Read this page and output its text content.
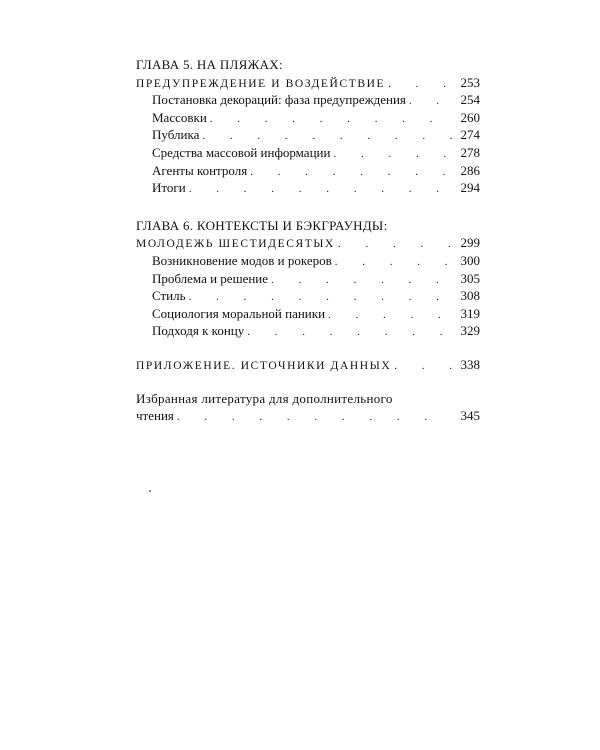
ГЛАВА 5. НА ПЛЯЖАХ:
ПРЕДУПРЕЖДЕНИЕ И ВОЗДЕЙСТВИЕ . . .	253
Постановка декораций: фаза предупреждения . . .	254
Массовки . . .	260
Публика . . .	274
Средства массовой информации . . .	278
Агенты контроля . . .	286
Итоги . . .	294
ГЛАВА 6. КОНТЕКСТЫ И БЭКГРАУНДЫ:
МОЛОДЕЖЬ ШЕСТИДЕСЯТЫХ . . .	299
Возникновение модов и рокеров . . .	300
Проблема и решение . . .	305
Стиль . . .	308
Социология моральной паники . . .	319
Подходя к концу . . .	329
ПРИЛОЖЕНИЕ. ИСТОЧНИКИ ДАННЫХ . . .	338
Избранная литература для дополнительного
чтения . . .	345
